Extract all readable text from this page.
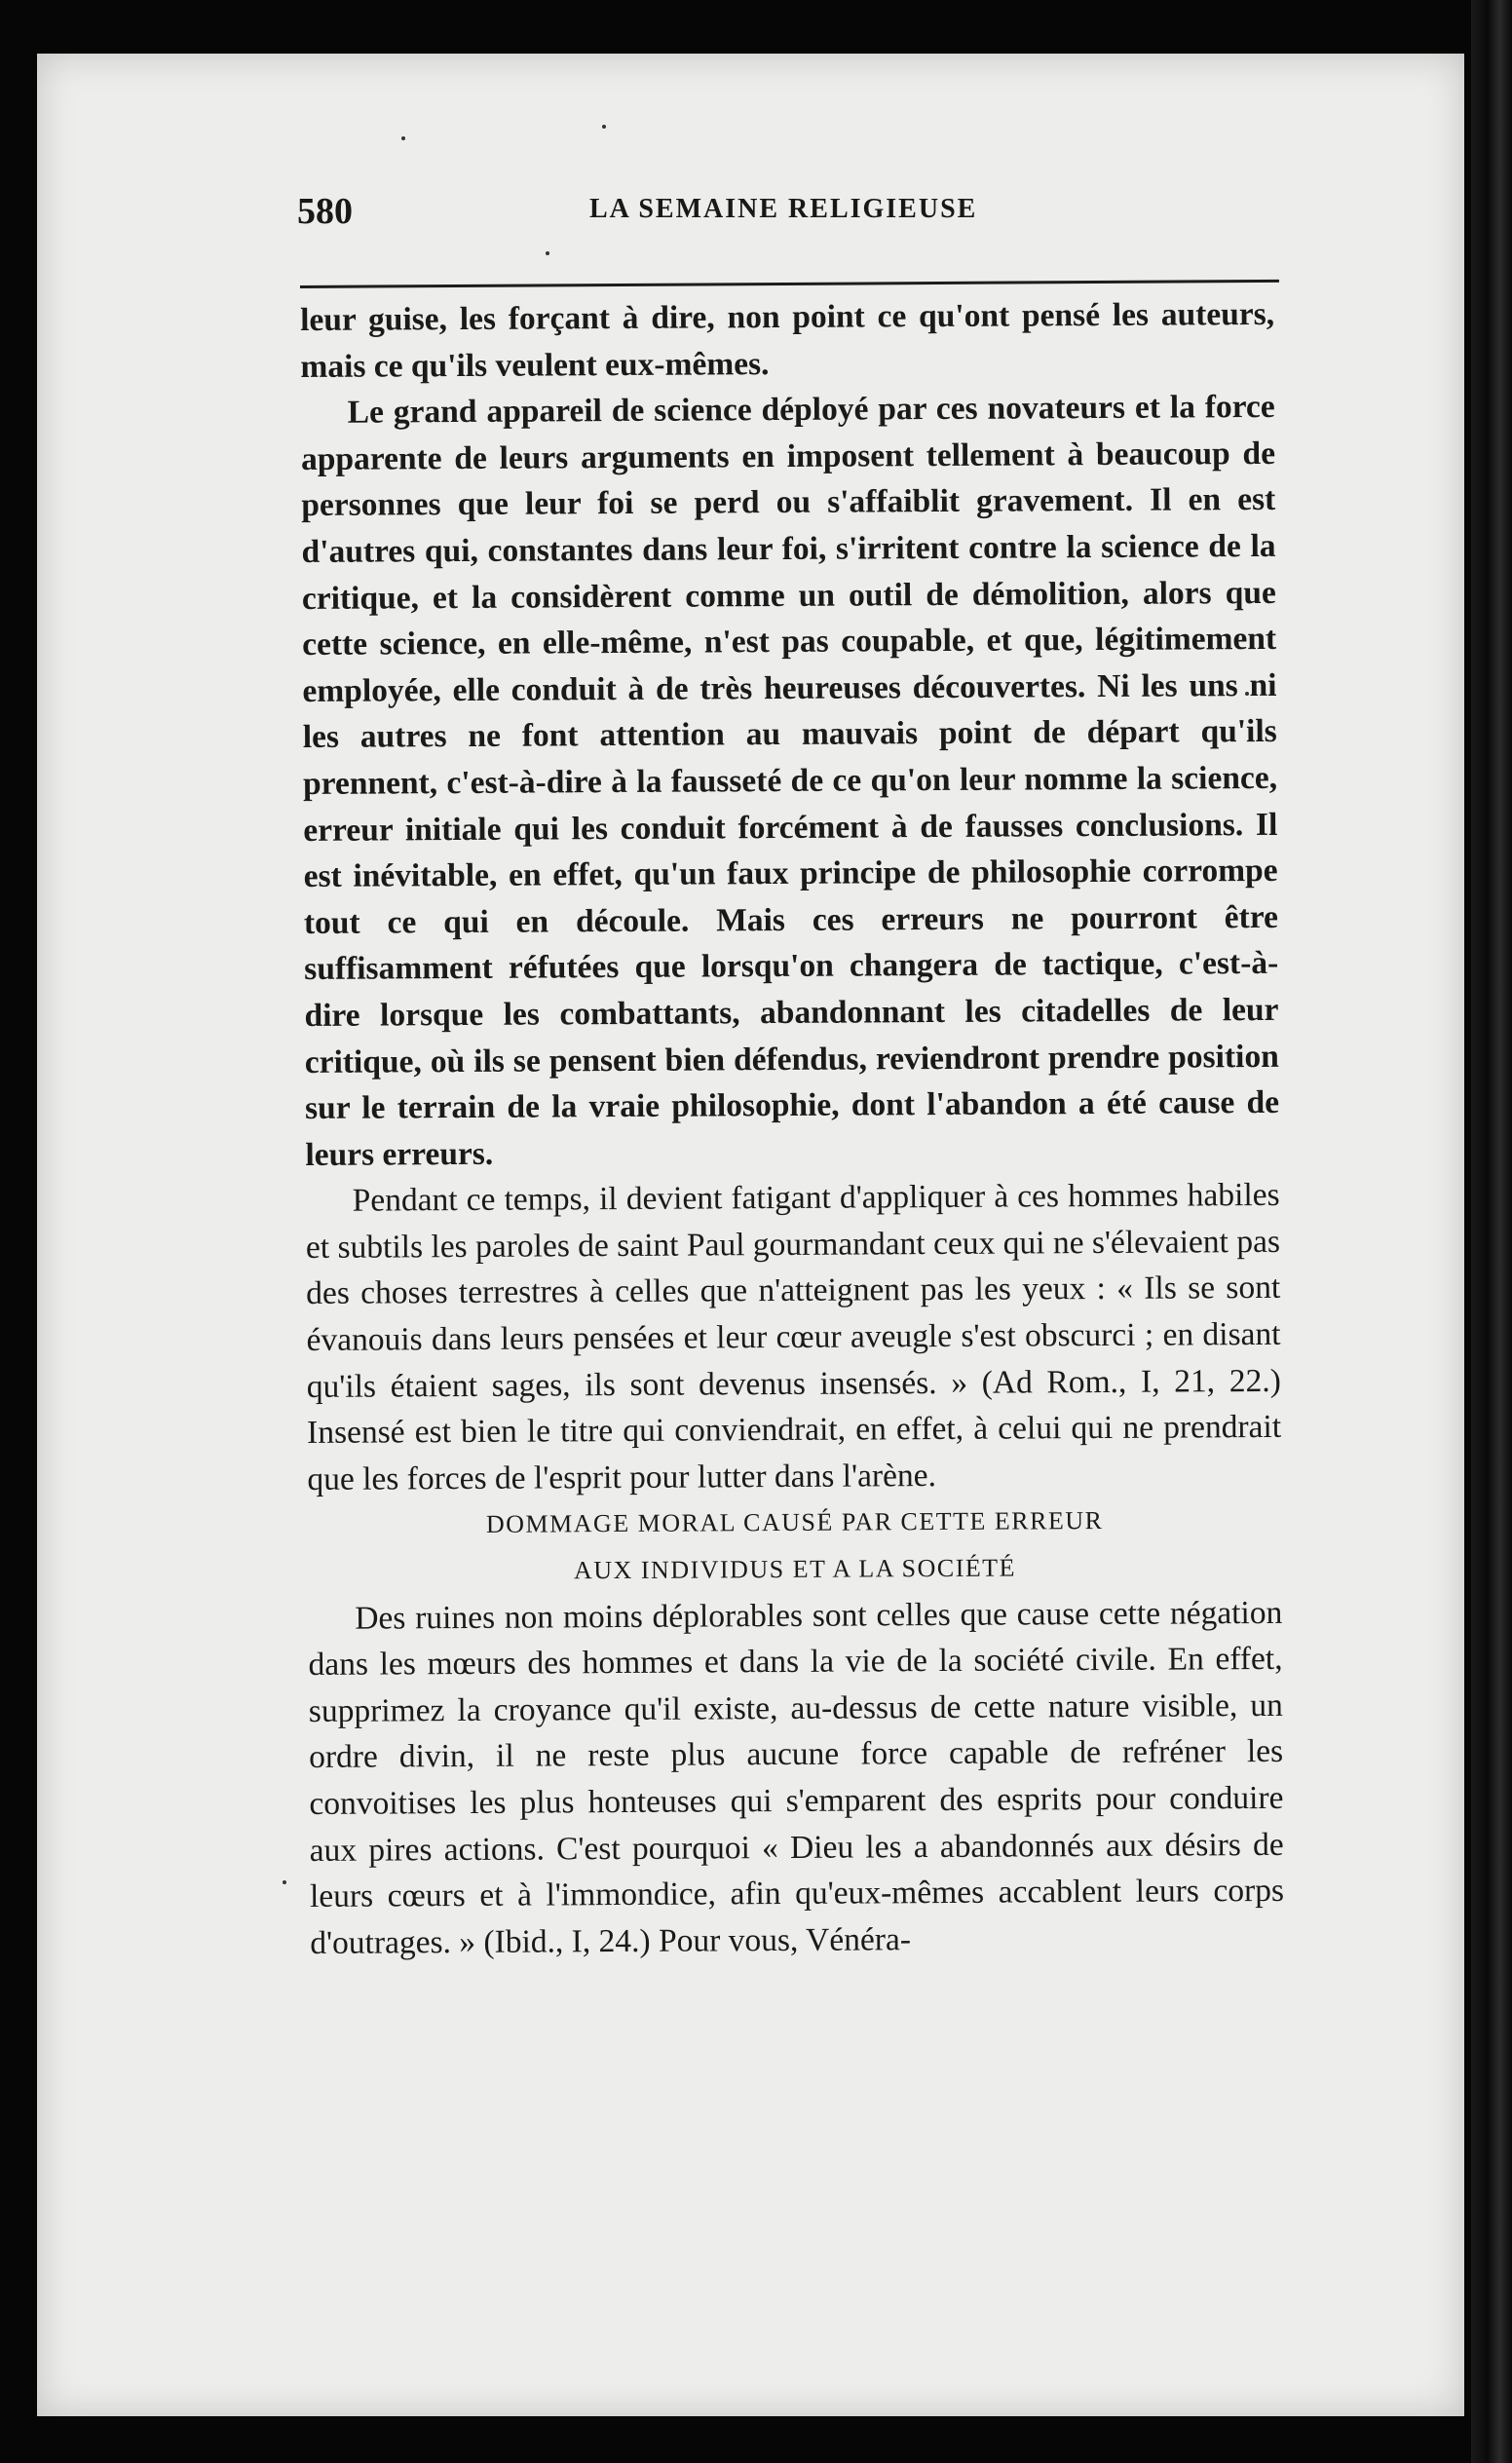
580	LA SEMAINE RELIGIEUSE

leur guise, les forçant à dire, non point ce qu'ont pensé les auteurs, mais ce qu'ils veulent eux-mêmes.

Le grand appareil de science déployé par ces novateurs et la force apparente de leurs arguments en imposent tellement à beaucoup de personnes que leur foi se perd ou s'affaiblit gravement. Il en est d'autres qui, constantes dans leur foi, s'irritent contre la science de la critique, et la considèrent comme un outil de démolition, alors que cette science, en elle-même, n'est pas coupable, et que, légitimement employée, elle conduit à de très heureuses découvertes. Ni les uns ni les autres ne font attention au mauvais point de départ qu'ils prennent, c'est-à-dire à la fausseté de ce qu'on leur nomme la science, erreur initiale qui les conduit forcément à de fausses conclusions. Il est inévitable, en effet, qu'un faux principe de philosophie corrompe tout ce qui en découle. Mais ces erreurs ne pourront être suffisamment réfutées que lorsqu'on changera de tactique, c'est-à-dire lorsque les combattants, abandonnant les citadelles de leur critique, où ils se pensent bien défendus, reviendront prendre position sur le terrain de la vraie philosophie, dont l'abandon a été cause de leurs erreurs.

Pendant ce temps, il devient fatigant d'appliquer à ces hommes habiles et subtils les paroles de saint Paul gourmandant ceux qui ne s'élevaient pas des choses terrestres à celles que n'atteignent pas les yeux : « Ils se sont évanouis dans leurs pensées et leur cœur aveugle s'est obscurci ; en disant qu'ils étaient sages, ils sont devenus insensés. » (Ad Rom., I, 21, 22.) Insensé est bien le titre qui conviendrait, en effet, à celui qui ne prendrait que les forces de l'esprit pour lutter dans l'arène.

DOMMAGE MORAL CAUSÉ PAR CETTE ERREUR
AUX INDIVIDUS ET A LA SOCIÉTÉ

Des ruines non moins déplorables sont celles que cause cette négation dans les mœurs des hommes et dans la vie de la société civile. En effet, supprimez la croyance qu'il existe, au-dessus de cette nature visible, un ordre divin, il ne reste plus aucune force capable de refréner les convoitises les plus honteuses qui s'emparent des esprits pour conduire aux pires actions. C'est pourquoi « Dieu les a abandonnés aux désirs de leurs cœurs et à l'immondice, afin qu'eux-mêmes accablent leurs corps d'outrages. » (Ibid., I, 24.) Pour vous, Vénéra-
